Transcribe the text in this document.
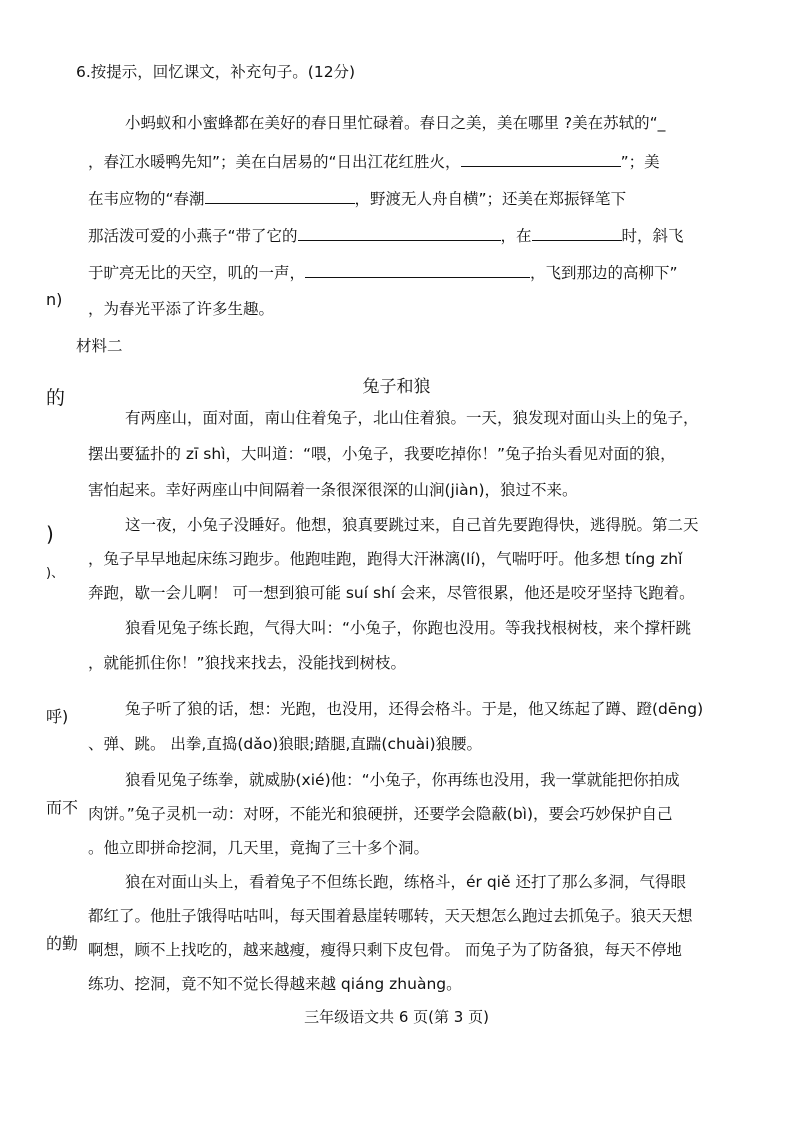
6.按提示，回忆课文，补充句子。(12分)
小蚂蚁和小蜜蜂都在美好的春日里忙碌着。春日之美，美在哪里 ?美在苏轼的“_
，春江水暖鸭先知”；美在白居易的“日出江花红胜火，	”；美
在韦应物的“春潮	，野渡无人舟自横”；还美在郑振铎笔下
那活泼可爱的小燕子“带了它的	，在	时，斜飞
于旷亮无比的天空，叽的一声，	，飞到那边的高柳下”
，为春光平添了许多生趣。
材料二
兔子和狼
有两座山，面对面，南山住着兔子，北山住着狼。一天，狼发现对面山头上的兔子，
摆出要猛扑的 zī shì，大叫道：“喂，小兔子，我要吃掉你！”兔子抬头看见对面的狼，
害怕起来。幸好两座山中间隔着一条很深很深的山涧(jiàn)，狼过不来。
这一夜，小兔子没睡好。他想，狼真要跳过来，自己首先要跑得快，逃得脱。第二天
，兔子早早地起床练习跑步。他跑哇跑，跑得大汗淋漓(lí)，气喘吁吁。他多想 tíng zhǐ
奔跑，歇一会儿啊！ 可一想到狼可能 suí shí 会来，尽管很累，他还是咬牙坚持飞跑着。
狼看见兔子练长跑，气得大叫：“小兔子，你跑也没用。等我找根树枝，来个撑杆跳
，就能抓住你！”狼找来找去，没能找到树枝。
兔子听了狼的话，想：光跑，也没用，还得会格斗。于是，他又练起了蹲、蹬(dēng)
、弹、跳。 出拳,直捣(dǎo)狼眼;踏腿,直踹(chuài)狼腰。
狼看见兔子练拳，就威胁(xié)他：“小兔子，你再练也没用，我一掌就能把你拍成
肉饼。”兔子灵机一动：对呀，不能光和狼硬拼，还要学会隐蔽(bì)，要会巧妙保护自己
。他立即拼命挖洞，几天里，竟掏了三十多个洞。
狼在对面山头上，看着兔子不但练长跑，练格斗，ér qiě 还打了那么多洞，气得眼
都红了。他肚子饿得咕咕叫，每天围着悬崖转哪转，天天想怎么跑过去抓兔子。狼天天想
啊想，顾不上找吃的，越来越瘦，瘦得只剩下皮包骨。 而兔子为了防备狼，每天不停地
练功、挖洞，竟不知不觉长得越来越 qiáng zhuàng。
n)
的
)
)、
呼)
而不
的勤
三年级语文共 6 页(第 3 页)
